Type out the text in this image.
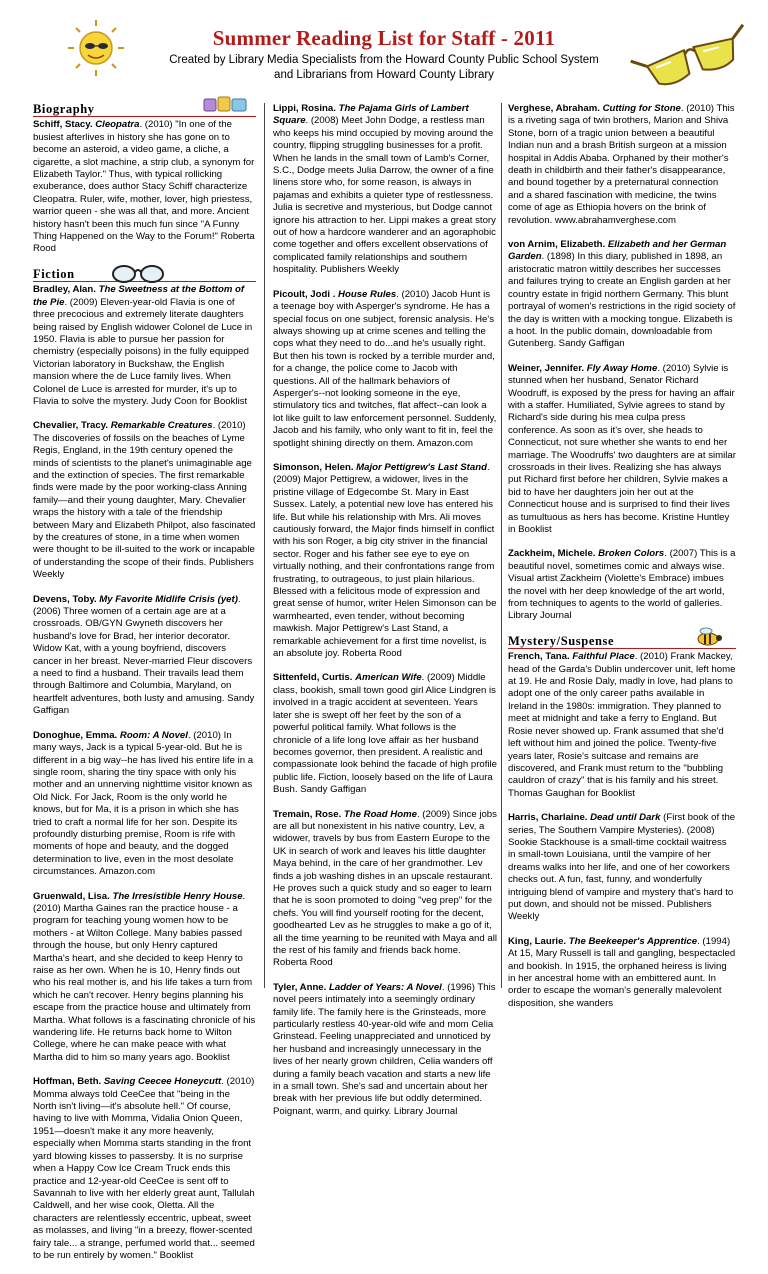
Summer Reading List for Staff - 2011
Created by Library Media Specialists from the Howard County Public School System and Librarians from Howard County Library
Biography
Schiff, Stacy. Cleopatra. (2010) "In one of the busiest afterlives in history she has gone on to become an asteroid, a video game, a cliche, a cigarette, a slot machine, a strip club, a synonym for Elizabeth Taylor." Thus, with typical rollicking exuberance, does author Stacy Schiff characterize Cleopatra. Ruler, wife, mother, lover, high priestess, warrior queen - she was all that, and more. Ancient history hasn't been this much fun since "A Funny Thing Happened on the Way to the Forum!" Roberta Rood
Fiction
Bradley, Alan. The Sweetness at the Bottom of the Pie. (2009) Eleven-year-old Flavia is one of three precocious and extremely literate daughters being raised by English widower Colonel de Luce in 1950. Flavia is able to pursue her passion for chemistry (especially poisons) in the fully equipped Victorian laboratory in Buckshaw, the English mansion where the de Luce family lives. When Colonel de Luce is arrested for murder, it's up to Flavia to solve the mystery. Judy Coon for Booklist
Chevalier, Tracy. Remarkable Creatures. (2010) The discoveries of fossils on the beaches of Lyme Regis, England, in the 19th century opened the minds of scientists to the planet's unimaginable age and the extinction of species. The first remarkable finds were made by the poor working-class Anning family—and their young daughter, Mary. Chevalier wraps the history with a tale of the friendship between Mary and Elizabeth Philpot, also fascinated by the creatures of stone, in a time when women were thought to be ill-suited to the work or incapable of understanding the scope of their finds. Publishers Weekly
Devens, Toby. My Favorite Midlife Crisis (yet). (2006) Three women of a certain age are at a crossroads. OB/GYN Gwyneth discovers her husband's love for Brad, her interior decorator. Widow Kat, with a young boyfriend, discovers cancer in her breast. Never-married Fleur discovers a need to find a husband. Their travails lead them through Baltimore and Columbia, Maryland, on heartfelt adventures, both lusty and amusing. Sandy Gaffigan
Donoghue, Emma. Room: A Novel. (2010) In many ways, Jack is a typical 5-year-old. But he is different in a big way--he has lived his entire life in a single room, sharing the tiny space with only his mother and an unnerving nighttime visitor known as Old Nick. For Jack, Room is the only world he knows, but for Ma, it is a prison in which she has tried to craft a normal life for her son. Despite its profoundly disturbing premise, Room is rife with moments of hope and beauty, and the dogged determination to live, even in the most desolate circumstances. Amazon.com
Gruenwald, Lisa. The Irresistible Henry House. (2010) Martha Gaines ran the practice house - a program for teaching young women how to be mothers - at Wilton College. Many babies passed through the house, but only Henry captured Martha's heart, and she decided to keep Henry to raise as her own. When he is 10, Henry finds out who his real mother is, and his life takes a turn from which he can't recover. Henry begins planning his escape from the practice house and ultimately from Martha. What follows is a fascinating chronicle of his wandering life. He returns back home to Wilton College, where he can make peace with what Martha did to him so many years ago. Booklist
Hoffman, Beth. Saving Ceecee Honeycutt. (2010) Momma always told CeeCee that "being in the North isn't living—it's absolute hell." Of course, having to live with Momma, Vidalia Onion Queen, 1951—doesn't make it any more heavenly, especially when Momma starts standing in the front yard blowing kisses to passersby. It is no surprise when a Happy Cow Ice Cream Truck ends this practice and 12-year-old CeeCee is sent off to Savannah to live with her elderly great aunt, Tallulah Caldwell, and her wise cook, Oletta. All the characters are relentlessly eccentric, upbeat, sweet as molasses, and living "in a breezy, flower-scented fairy tale... a strange, perfumed world that... seemed to be run entirely by women." Booklist
Lippi, Rosina. The Pajama Girls of Lambert Square. (2008) Meet John Dodge, a restless man who keeps his mind occupied by moving around the country, flipping struggling businesses for a profit. When he lands in the small town of Lamb's Corner, S.C., Dodge meets Julia Darrow, the owner of a fine linens store who, for some reason, is always in pajamas and exhibits a quieter type of restlessness. Julia is secretive and mysterious, but Dodge cannot ignore his attraction to her. Lippi makes a great story out of how a hardcore wanderer and an agoraphobic come together and offers excellent observations of complicated family relationships and southern hospitality. Publishers Weekly
Picoult, Jodi . House Rules. (2010) Jacob Hunt is a teenage boy with Asperger's syndrome. He has a special focus on one subject, forensic analysis. He's always showing up at crime scenes and telling the cops what they need to do...and he's usually right. But then his town is rocked by a terrible murder and, for a change, the police come to Jacob with questions. All of the hallmark behaviors of Asperger's--not looking someone in the eye, stimulatory tics and twitches, flat affect--can look a lot like guilt to law enforcement personnel. Suddenly, Jacob and his family, who only want to fit in, feel the spotlight shining directly on them. Amazon.com
Simonson, Helen. Major Pettigrew's Last Stand. (2009) Major Pettigrew, a widower, lives in the pristine village of Edgecombe St. Mary in East Sussex. Lately, a potential new love has entered his life. But while his relationship with Mrs. Ali moves cautiously forward, the Major finds himself in conflict with his son Roger, a big city striver in the financial sector. Roger and his father see eye to eye on virtually nothing, and their confrontations range from frustrating, to outrageous, to just plain hilarious. Blessed with a felicitous mode of expression and great sense of humor, writer Helen Simonson can be warmhearted, even tender, without becoming mawkish. Major Pettigrew's Last Stand, a remarkable achievement for a first time novelist, is an absolute joy. Roberta Rood
Sittenfeld, Curtis. American Wife. (2009) Middle class, bookish, small town good girl Alice Lindgren is involved in a tragic accident at seventeen. Years later she is swept off her feet by the son of a powerful political family. What follows is the chronicle of a life long love affair as her husband becomes governor, then president. A realistic and compassionate look behind the facade of high profile public life. Fiction, loosely based on the life of Laura Bush. Sandy Gaffigan
Tremain, Rose. The Road Home. (2009) Since jobs are all but nonexistent in his native country, Lev, a widower, travels by bus from Eastern Europe to the UK in search of work and leaves his little daughter Maya behind, in the care of her grandmother. Lev finds a job washing dishes in an upscale restaurant. He proves such a quick study and so eager to learn that he is soon promoted to doing "veg prep" for the chefs. You will find yourself rooting for the decent, goodhearted Lev as he struggles to make a go of it, all the time yearning to be reunited with Maya and all the rest of his family and friends back home. Roberta Rood
Tyler, Anne. Ladder of Years: A Novel. (1996) This novel peers intimately into a seemingly ordinary family life. The family here is the Grinsteads, more particularly restless 40-year-old wife and mom Celia Grinstead. Feeling unappreciated and unnoticed by her husband and increasingly unnecessary in the lives of her nearly grown children, Celia wanders off during a family beach vacation and starts a new life in a small town. She's sad and uncertain about her break with her previous life but oddly determined. Poignant, warm, and quirky. Library Journal
Verghese, Abraham. Cutting for Stone. (2010) This is a riveting saga of twin brothers, Marion and Shiva Stone, born of a tragic union between a beautiful Indian nun and a brash British surgeon at a mission hospital in Addis Ababa. Orphaned by their mother's death in childbirth and their father's disappearance, and bound together by a preternatural connection and a shared fascination with medicine, the twins come of age as Ethiopia hovers on the brink of revolution. www.abrahamverghese.com
von Arnim, Elizabeth. Elizabeth and her German Garden. (1898) In this diary, published in 1898, an aristocratic matron wittily describes her successes and failures trying to create an English garden at her country estate in frigid northern Germany. This blunt portrayal of women's restrictions in the rigid society of the day is written with a mocking tongue. Elizabeth is a hoot. In the public domain, downloadable from Gutenberg. Sandy Gaffigan
Weiner, Jennifer. Fly Away Home. (2010) Sylvie is stunned when her husband, Senator Richard Woodruff, is exposed by the press for having an affair with a staffer. Humiliated, Sylvie agrees to stand by Richard's side during his mea culpa press conference. As soon as it's over, she heads to Connecticut, not sure whether she wants to end her marriage. The Woodruffs' two daughters are at similar crossroads in their lives. Realizing she has always put Richard first before her children, Sylvie makes a bid to have her daughters join her out at the Connecticut house and is surprised to find their lives as tumultuous as hers has become. Kristine Huntley in Booklist
Zackheim, Michele. Broken Colors. (2007) This is a beautiful novel, sometimes comic and always wise. Visual artist Zackheim (Violette's Embrace) imbues the novel with her deep knowledge of the art world, from techniques to agents to the world of galleries. Library Journal
Mystery/Suspense
French, Tana. Faithful Place. (2010) Frank Mackey, head of the Garda's Dublin undercover unit, left home at 19. He and Rosie Daly, madly in love, had plans to adopt one of the only career paths available in Ireland in the 1980s: immigration. They planned to meet at midnight and take a ferry to England. But Rosie never showed up. Frank assumed that she'd left without him and joined the police. Twenty-five years later, Rosie's suitcase and remains are discovered, and Frank must return to the "bubbling cauldron of crazy" that is his family and his street. Thomas Gaughan for Booklist
Harris, Charlaine. Dead until Dark (First book of the series, The Southern Vampire Mysteries). (2008) Sookie Stackhouse is a small-time cocktail waitress in small-town Louisiana, until the vampire of her dreams walks into her life, and one of her coworkers checks out. A fun, fast, funny, and wonderfully intriguing blend of vampire and mystery that's hard to put down, and should not be missed. Publishers Weekly
King, Laurie. The Beekeeper's Apprentice. (1994) At 15, Mary Russell is tall and gangling, bespectacled and bookish. In 1915, the orphaned heiress is living in her ancestral home with an embittered aunt. In order to escape the woman's generally malevolent disposition, she wanders
